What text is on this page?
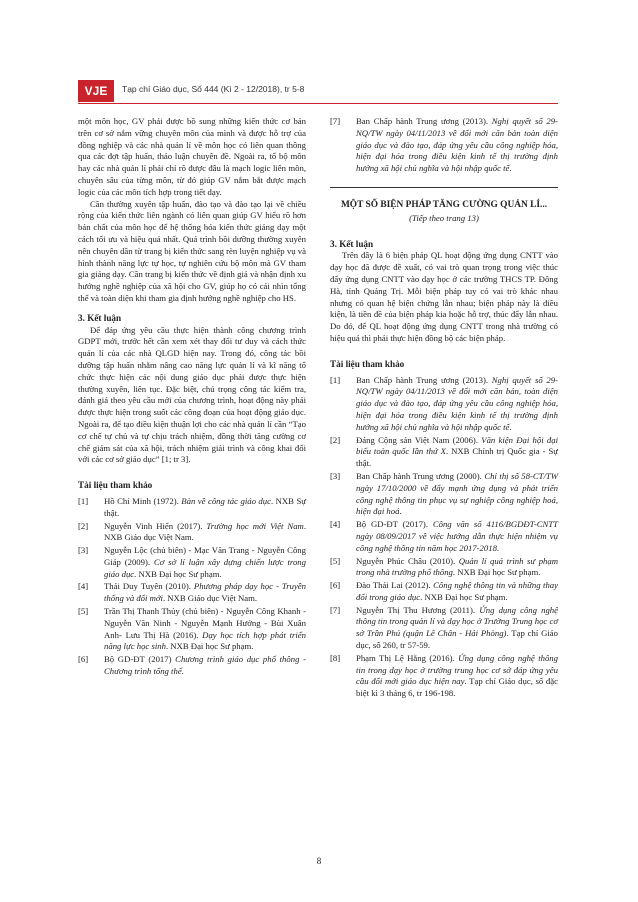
VJE	Tạp chí Giáo dục, Số 444 (Kì 2 - 12/2018), tr 5-8

một môn học, GV phải được bồ sung những kiến thức cơ bản trên cơ sở nắm vững chuyên môn của mình và được hỗ trợ của đồng nghiệp và các nhà quản lí về môn học có liên quan thông qua các đợt tập huấn, thảo luận chuyên đề. Ngoài ra, tổ bộ môn hay các nhà quản lí phải chỉ rõ được đâu là mạch logic liên môn, chuyên sâu của từng môn, từ đó giúp GV nắm bắt được mạch logic của các môn tích hợp trong tiết dạy.

Cần thường xuyên tập huấn, đào tạo và đào tạo lại về chiều rộng của kiến thức liên ngành có liên quan giúp GV hiểu rõ hơn bản chất của môn học để hệ thống hóa kiến thức giảng dạy một cách tối ưu và hiệu quả nhất. Quá trình bồi dưỡng thường xuyên nên chuyên dần từ trang bị kiến thức sang rèn luyện nghiệp vụ và hình thành năng lực tự học, tự nghiên cứu bộ môn mà GV tham gia giảng dạy. Cần trang bị kiến thức về định giá và nhận định xu hướng nghề nghiệp của xã hội cho GV, giúp họ có cái nhìn tổng thể và toàn diện khi tham gia định hướng nghề nghiệp cho HS.

3. Kết luận

Để đáp ứng yêu cầu thực hiện thành công chương trình GDPT mới, trước hết cần xem xét thay đổi tư duy và cách thức quản lí của các nhà QLGD hiện nay. Trong đó, công tác bồi dưỡng tập huấn nhằm nâng cao năng lực quản lí và kĩ năng tổ chức thực hiện các nội dung giáo dục phải được thực hiện thường xuyên, liên tục. Đặc biệt, chú trọng công tác kiểm tra, đánh giá theo yêu cầu mới của chương trình, hoạt động này phải được thực hiện trong suốt các công đoạn của hoạt động giáo dục. Ngoài ra, để tạo điều kiện thuận lợi cho các nhà quản lí cần “Tạo cơ chế tự chủ và tự chịu trách nhiệm, đồng thời tăng cường cơ chế giám sát của xã hội, trách nhiệm giải trình và công khai đổi với các cơ sở giáo dục” [1; tr 3].

Tài liệu tham khảo
[1] Hồ Chí Minh (1972). Bàn về công tác giáo dục. NXB Sự thật.
[2] Nguyễn Vinh Hiển (2017). Trường học mới Việt Nam. NXB Giáo dục Việt Nam.
[3] Nguyễn Lộc (chủ biên) - Mạc Văn Trang - Nguyễn Công Giáp (2009). Cơ sở lí luận xây dựng chiến lược trong giáo dục. NXB Đại học Sư phạm.
[4] Thái Duy Tuyên (2010). Phương pháp dạy học - Truyền thống và đổi mới. NXB Giáo dục Việt Nam.
[5] Trần Thị Thanh Thủy (chủ biên) - Nguyễn Công Khanh - Nguyễn Văn Ninh - Nguyễn Mạnh Hưởng - Bùi Xuân Anh- Lưu Thị Hà (2016). Dạy học tích hợp phát triển năng lực học sinh. NXB Đại học Sư phạm.
[6] Bộ GD-ĐT (2017) Chương trình giáo dục phổ thông - Chương trình tổng thể.
[7] Ban Chấp hành Trung ương (2013). Nghị quyết số 29-NQ/TW ngày 04/11/2013 về đổi mới căn bản toàn diện giáo dục và đào tạo, đáp ứng yêu cầu công nghiệp hóa, hiện đại hóa trong điều kiện kinh tế thị trường định hướng xã hội chủ nghĩa và hội nhập quốc tế.
MỘT SỐ BIỆN PHÁP TĂNG CƯỜNG QUẢN LÍ...
(Tiếp theo trang 13)
3. Kết luận

Trên đây là 6 biện pháp QL hoạt động ứng dụng CNTT vào dạy học đã được đề xuất, có vai trò quan trọng trong việc thúc đẩy ứng dụng CNTT vào dạy học ở các trường THCS TP. Đông Hà, tỉnh Quảng Trị. Mỗi biện pháp tuy có vai trò khác nhau nhưng có quan hệ biện chứng lẫn nhau; biện pháp này là điều kiện, là tiền đề của biện pháp kia hoặc hỗ trợ, thúc đẩy lẫn nhau. Do đó, để QL hoạt động ứng dụng CNTT trong nhà trường có hiệu quả thì phải thực hiện đồng bộ các biện pháp.

Tài liệu tham khảo
[1] Ban Chấp hành Trung ương (2013). Nghị quyết số 29-NQ/TW ngày 04/11/2013 về đổi mới căn bản, toàn diện giáo dục và đào tạo, đáp ứng yêu cầu công nghiệp hóa, hiện đại hóa trong điều kiện kinh tế thị trường định hướng xã hội chủ nghĩa và hội nhập quốc tế.
[2] Đảng Cộng sản Việt Nam (2006). Văn kiện Đại hội đại biểu toàn quốc lần thứ X. NXB Chính trị Quốc gia - Sự thật.
[3] Ban Chấp hành Trung ương (2000). Chỉ thị số 58-CT/TW ngày 17/10/2000 về đẩy mạnh ứng dụng và phát triển công nghệ thông tin phục vụ sự nghiệp công nghiệp hoá, hiện đại hoá.
[4] Bộ GD-ĐT (2017). Công văn số 4116/BGDĐT-CNTT ngày 08/09/2017 về việc hướng dẫn thực hiện nhiệm vụ công nghệ thông tin năm học 2017-2018.
[5] Nguyễn Phúc Châu (2010). Quản lí quá trình sư phạm trong nhà trường phổ thông. NXB Đại học Sư phạm.
[6] Đào Thái Lai (2012). Công nghệ thông tin và những thay đổi trong giáo dục. NXB Đại học Sư phạm.
[7] Nguyễn Thị Thu Hương (2011). Ứng dụng công nghệ thông tin trong quản lí và dạy học ở Trường Trung học cơ sở Trần Phú (quận Lê Chân - Hải Phòng). Tạp chí Giáo dục, số 260, tr 57-59.
[8] Phạm Thị Lệ Hằng (2016). Ứng dụng công nghệ thông tin trong dạy học ở trường trung học cơ sở đáp ứng yêu cầu đổi mới giáo dục hiện nay. Tạp chí Giáo dục, số đặc biệt kì 3 tháng 6, tr 196-198.
8
